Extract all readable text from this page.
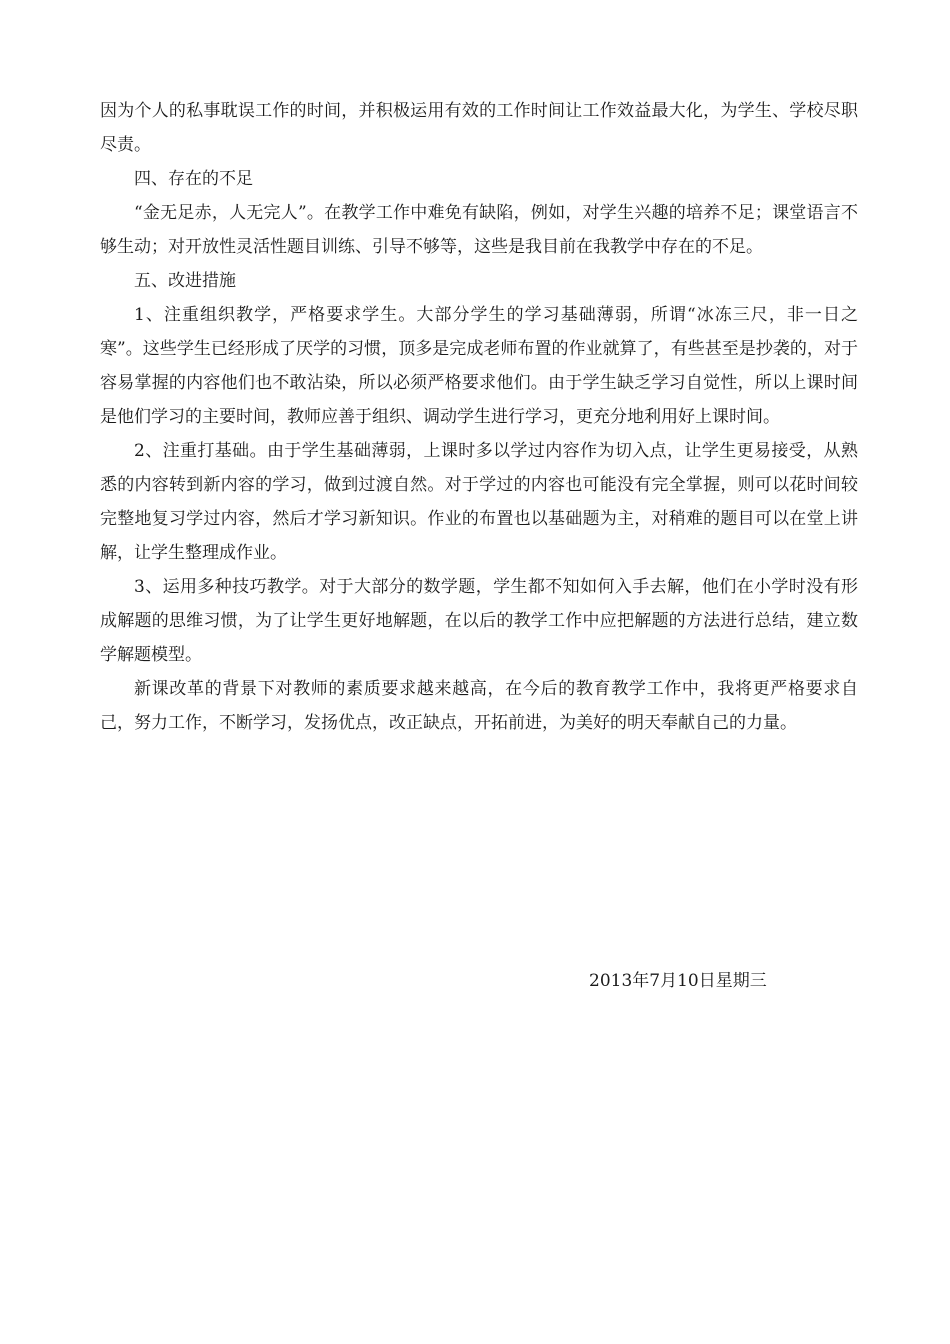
因为个人的私事耽误工作的时间，并积极运用有效的工作时间让工作效益最大化，为学生、学校尽职尽责。

四、存在的不足

“金无足赤，人无完人”。在教学工作中难免有缺陷，例如，对学生兴趣的培养不足；课堂语言不够生动；对开放性灵活性题目训练、引导不够等，这些是我目前在我教学中存在的不足。

五、改进措施

1、注重组织教学，严格要求学生。大部分学生的学习基础薄弱，所谓“冰冻三尺，非一日之寒”。这些学生已经形成了厌学的习惯，顶多是完成老师布置的作业就算了，有些甚至是抄袭的，对于容易掌握的内容他们也不敢沾染，所以必须严格要求他们。由于学生缺乏学习自觉性，所以上课时间是他们学习的主要时间，教师应善于组织、调动学生进行学习，更充分地利用好上课时间。

2、注重打基础。由于学生基础薄弱，上课时多以学过内容作为切入点，让学生更易接受，从熟悉的内容转到新内容的学习，做到过渡自然。对于学过的内容也可能没有完全掌握，则可以花时间较完整地复习学过内容，然后才学习新知识。作业的布置也以基础题为主，对稍难的题目可以在堂上讲解，让学生整理成作业。

3、运用多种技巧教学。对于大部分的数学题，学生都不知如何入手去解，他们在小学时没有形成解题的思维习惯，为了让学生更好地解题，在以后的教学工作中应把解题的方法进行总结，建立数学解题模型。

新课改革的背景下对教师的素质要求越来越高，在今后的教育教学工作中，我将更严格要求自己，努力工作，不断学习，发扬优点，改正缺点，开拓前进，为美好的明天奉献自己的力量。

2013年7月10日星期三
